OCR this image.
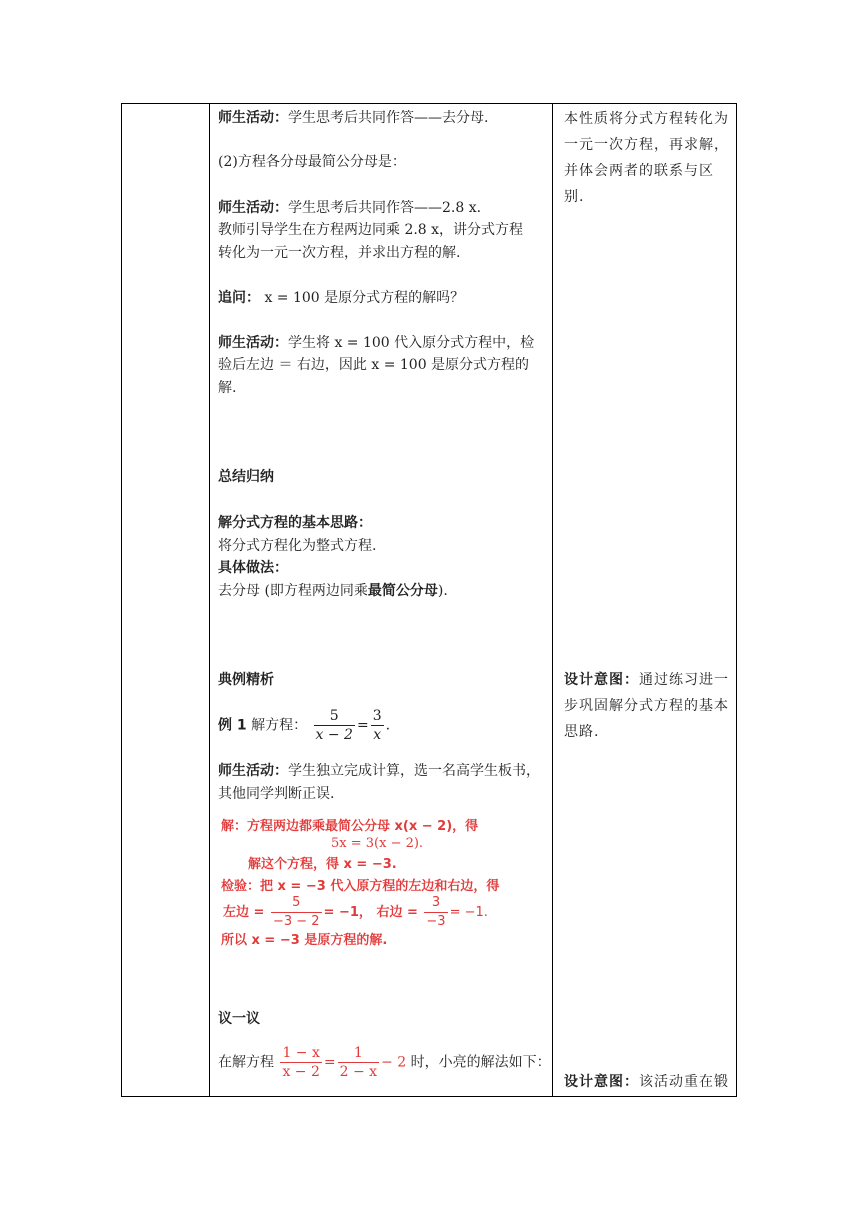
师生活动：学生思考后共同作答——去分母.
(2)方程各分母最简公分母是：
师生活动：学生思考后共同作答——2.8 x.
教师引导学生在方程两边同乘 2.8 x，讲分式方程
转化为一元一次方程，并求出方程的解.
追问： x = 100 是原分式方程的解吗？
师生活动：学生将 x = 100 代入原分式方程中，检
验后左边 ＝ 右边，因此 x = 100 是原分式方程的
解.
总结归纳
解分式方程的基本思路：
将分式方程化为整式方程.
具体做法：
去分母 (即方程两边同乘最简公分母).
典例精析
例 1 解方程： $\frac{5}{x - 2} = \frac{3}{x}$ .
师生活动：学生独立完成计算，选一名高学生板书，
其他同学判断正误.
解：方程两边都乘最简公分母 x(x − 2)，得
5x = 3(x − 2).
解这个方程，得 x = −3.
检验：把 x = −3 代入原方程的左边和右边，得
左边 = $\frac{5}{-3 - 2} = -1$， 右边 = $\frac{3}{-3} = -1$.
所以 x = −3 是原方程的解.
议一议
在解方程 $\frac{1 - x}{x - 2} = \frac{1}{2 - x} - 2$ 时，小亮的解法如下：
本性质将分式方程转化为一元一次方程，再求解，并体会两者的联系与区别.
设计意图：通过练习进一步巩固解分式方程的基本思路.
设计意图：该活动重在锻
